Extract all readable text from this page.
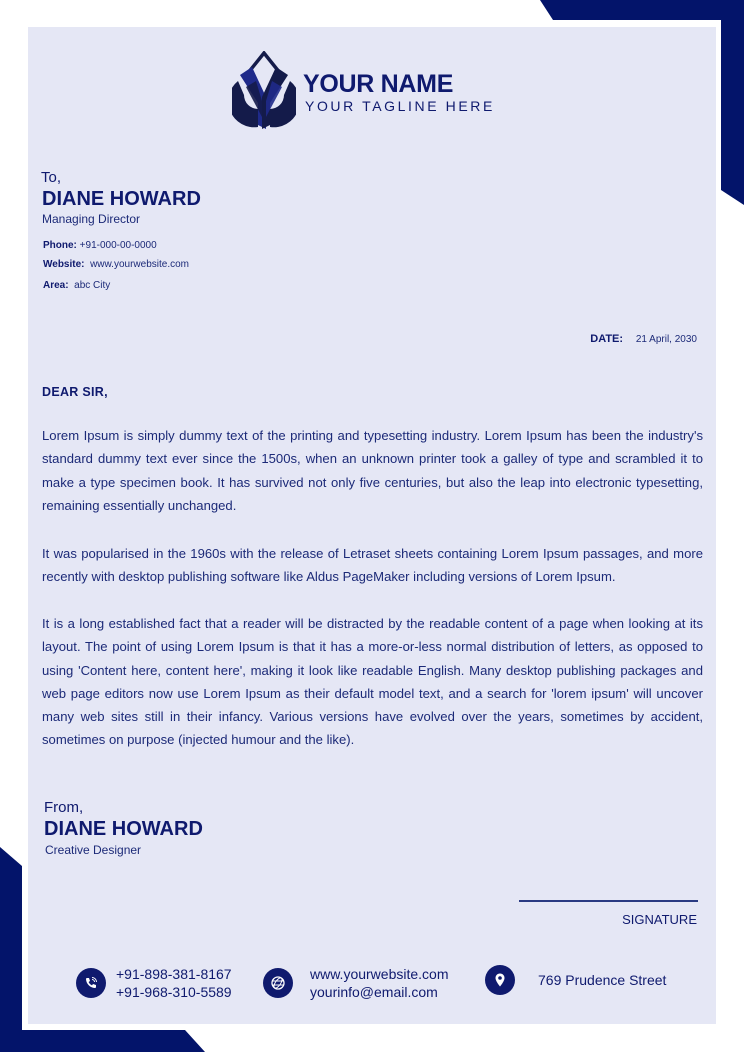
YOUR NAME
YOUR TAGLINE HERE
To,
DIANE HOWARD
Managing Director
Phone: +91-000-00-0000
Website: www.yourwebsite.com
Area: abc City
DATE: 21 April, 2030
DEAR SIR,
Lorem Ipsum is simply dummy text of the printing and typesetting industry. Lorem Ipsum has been the industry's standard dummy text ever since the 1500s, when an unknown printer took a galley of type and scrambled it to make a type specimen book. It has survived not only five centuries, but also the leap into electronic typesetting, remaining essentially unchanged.
It was popularised in the 1960s with the release of Letraset sheets containing Lorem Ipsum passages, and more recently with desktop publishing software like Aldus PageMaker including versions of Lorem Ipsum.
It is a long established fact that a reader will be distracted by the readable content of a page when looking at its layout. The point of using Lorem Ipsum is that it has a more-or-less normal distribution of letters, as opposed to using 'Content here, content here', making it look like readable English. Many desktop publishing packages and web page editors now use Lorem Ipsum as their default model text, and a search for 'lorem ipsum' will uncover many web sites still in their infancy. Various versions have evolved over the years, sometimes by accident, sometimes on purpose (injected humour and the like).
From,
DIANE HOWARD
Creative Designer
SIGNATURE
+91-898-381-8167
+91-968-310-5589
www.yourwebsite.com
yourinfo@email.com
769 Prudence Street
